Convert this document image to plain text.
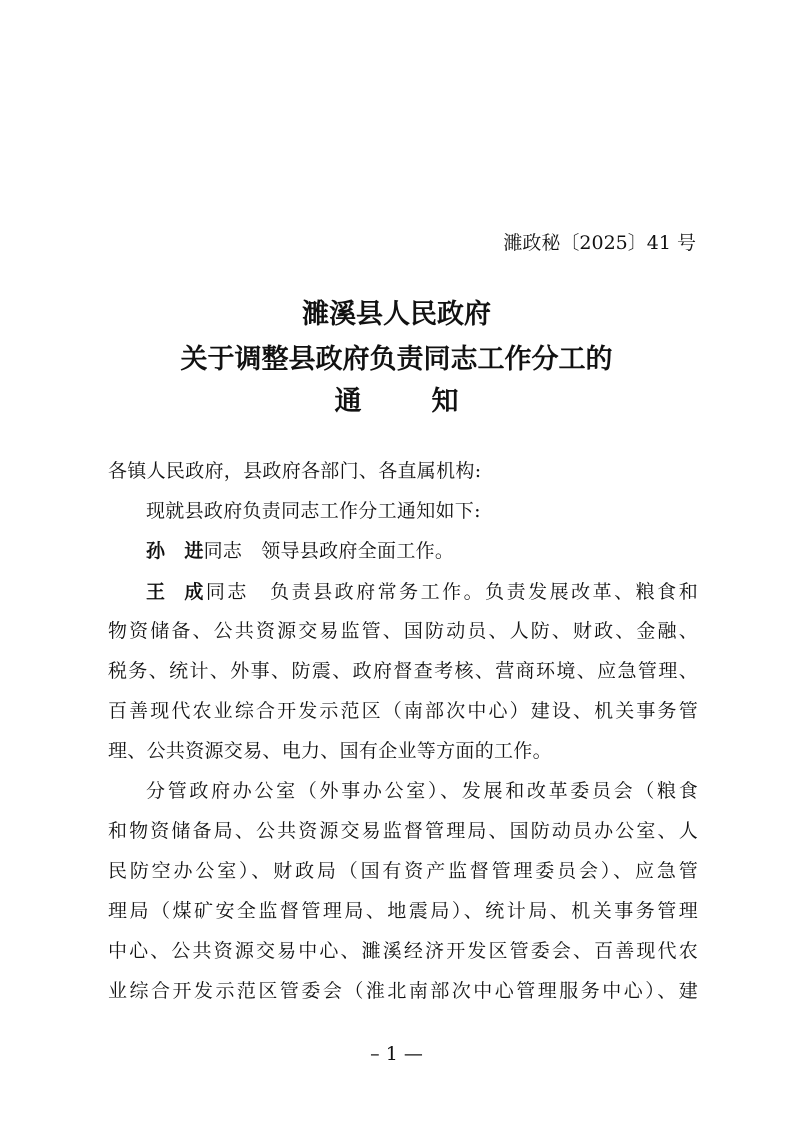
濉政秘〔2025〕41 号
濉溪县人民政府
关于调整县政府负责同志工作分工的
通	知
各镇人民政府，县政府各部门、各直属机构:
现就县政府负责同志工作分工通知如下:
孙 进同志 领导县政府全面工作。
王 成同志 负责县政府常务工作。负责发展改革、粮食和
物资储备、公共资源交易监管、国防动员、人防、财政、金融、
税务、统计、外事、防震、政府督查考核、营商环境、应急管理、
百善现代农业综合开发示范区（南部次中心）建设、机关事务管
理、公共资源交易、电力、国有企业等方面的工作。
分管政府办公室（外事办公室）、发展和改革委员会（粮食
和物资储备局、公共资源交易监督管理局、国防动员办公室、人
民防空办公室）、财政局（国有资产监督管理委员会）、应急管
理局（煤矿安全监督管理局、地震局）、统计局、机关事务管理
中心、公共资源交易中心、濉溪经济开发区管委会、百善现代农
业综合开发示范区管委会（淮北南部次中心管理服务中心）、建
– 1 —
